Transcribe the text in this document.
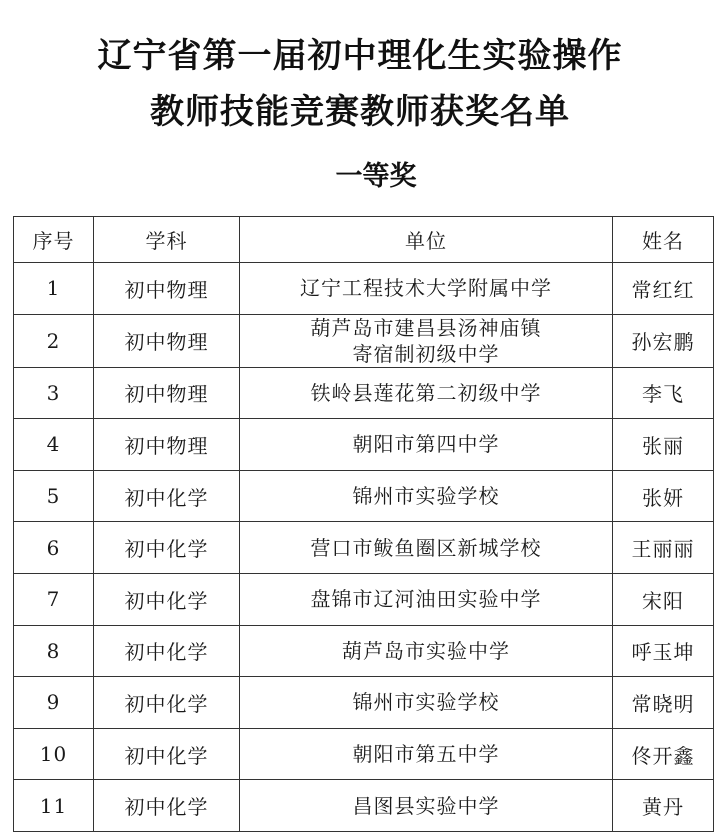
辽宁省第一届初中理化生实验操作
教师技能竞赛教师获奖名单
一等奖
序号	学科	单位	姓名
1	初中物理	辽宁工程技术大学附属中学	常红红
2	初中物理	葫芦岛市建昌县汤神庙镇
寄宿制初级中学	孙宏鹏
3	初中物理	铁岭县莲花第二初级中学	李飞
4	初中物理	朝阳市第四中学	张丽
5	初中化学	锦州市实验学校	张妍
6	初中化学	营口市鲅鱼圈区新城学校	王丽丽
7	初中化学	盘锦市辽河油田实验中学	宋阳
8	初中化学	葫芦岛市实验中学	呼玉坤
9	初中化学	锦州市实验学校	常晓明
10	初中化学	朝阳市第五中学	佟开鑫
11	初中化学	昌图县实验中学	黄丹
